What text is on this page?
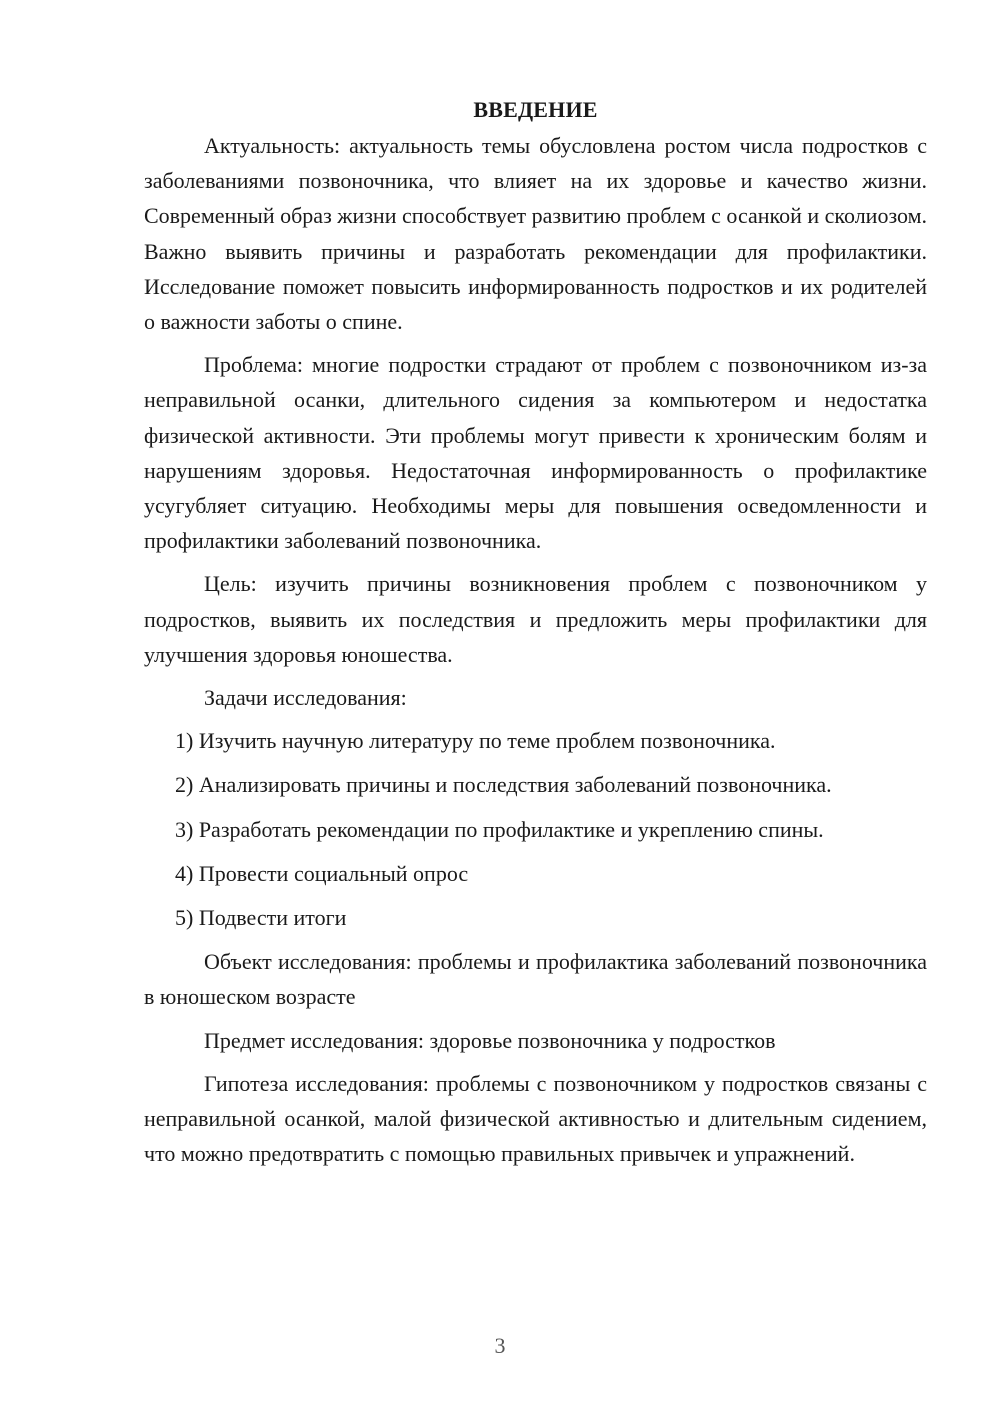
ВВЕДЕНИЕ

Актуальность: актуальность темы обусловлена ростом числа подростков с заболеваниями позвоночника, что влияет на их здоровье и качество жизни. Современный образ жизни способствует развитию проблем с осанкой и сколиозом. Важно выявить причины и разработать рекомендации для профилактики. Исследование поможет повысить информированность подростков и их родителей о важности заботы о спине.

Проблема: многие подростки страдают от проблем с позвоночником из-за неправильной осанки, длительного сидения за компьютером и недостатка физической активности. Эти проблемы могут привести к хроническим болям и нарушениям здоровья. Недостаточная информированность о профилактике усугубляет ситуацию. Необходимы меры для повышения осведомленности и профилактики заболеваний позвоночника.

Цель: изучить причины возникновения проблем с позвоночником у подростков, выявить их последствия и предложить меры профилактики для улучшения здоровья юношества.

Задачи исследования:

1) Изучить научную литературу по теме проблем позвоночника.
2) Анализировать причины и последствия заболеваний позвоночника.
3) Разработать рекомендации по профилактике и укреплению спины.
4) Провести социальный опрос
5) Подвести итоги

Объект исследования: проблемы и профилактика заболеваний позвоночника в юношеском возрасте

Предмет исследования: здоровье позвоночника у подростков

Гипотеза исследования: проблемы с позвоночником у подростков связаны с неправильной осанкой, малой физической активностью и длительным сидением, что можно предотвратить с помощью правильных привычек и упражнений.

3
